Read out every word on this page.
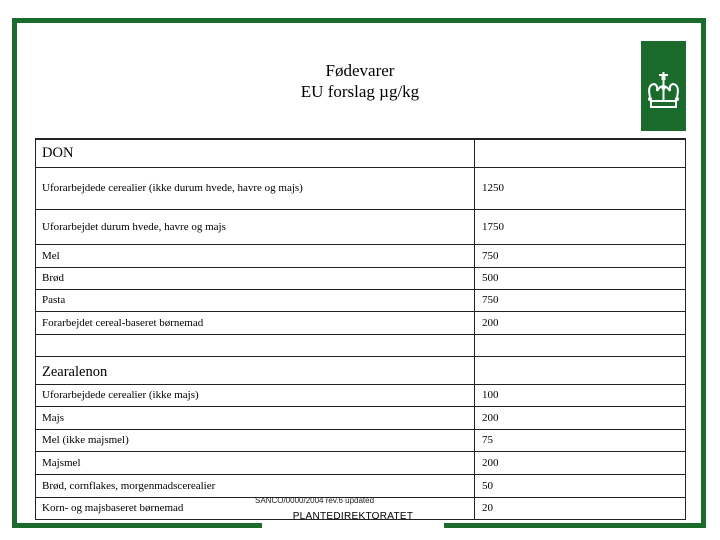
Fødevarer
EU forslag µg/kg
DON	
Uforarbejdede cerealier (ikke durum hvede, havre og majs)	1250
Uforarbejdet durum hvede, havre og majs	1750
Mel	750
Brød	500
Pasta	750
Forarbejdet cereal-baseret børnemad	200

Zearalenon	
Uforarbejdede cerealier (ikke majs)	100
Majs	200
Mel (ikke majsmel)	75
Majsmel	200
Brød, cornflakes, morgenmadscerealier	50
Korn- og majsbaseret børnemad	20
SANCO/0000/2004 rev.6 updated
PLANTEDIREKTORATET
